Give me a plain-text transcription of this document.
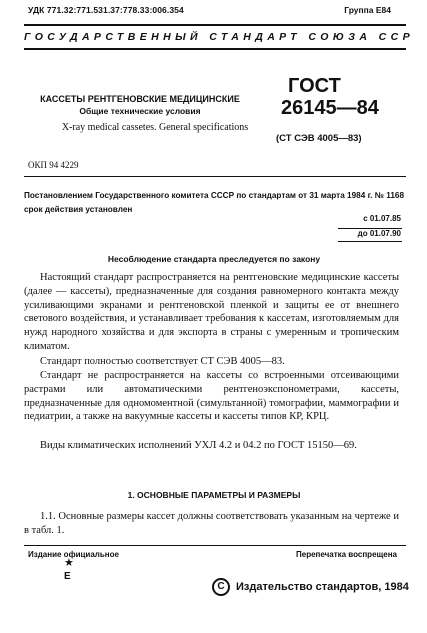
УДК 771.32:771.531.37:778.33:006.354	Группа Е84
ГОСУДАРСТВЕННЫЙ СТАНДАРТ СОЮЗА ССР
КАССЕТЫ РЕНТГЕНОВСКИЕ МЕДИЦИНСКИЕ
Общие технические условия
X-ray medical cassetes. General specifications
ГОСТ
26145—84
(СТ СЭВ 4005—83)
ОКП 94 4229
Постановлением Государственного комитета СССР по стандартам от 31 марта 1984 г. № 1168 срок действия установлен
с 01.07.85
до 01.07.90
Несоблюдение стандарта преследуется по закону
Настоящий стандарт распространяется на рентгеновские медицинские кассеты (далее — кассеты), предназначенные для создания равномерного контакта между усиливающими экранами и рентгеновской пленкой и защиты ее от внешнего светового воздействия, и устанавливает требования к кассетам, изготовляемым для нужд народного хозяйства и для экспорта в страны с умеренным и тропическим климатом.
Стандарт полностью соответствует СТ СЭВ 4005—83.
Стандарт не распространяется на кассеты со встроенными отсеивающими растрами или автоматическими рентгеноэкспонометрами, кассеты, предназначенные для одномоментной (симультанной) томографии, маммографии и педиатрии, а также на вакуумные кассеты и кассеты типов КР, КРЦ.
Виды климатических исполнений УХЛ 4.2 и 04.2 по ГОСТ 15150—69.
1. ОСНОВНЫЕ ПАРАМЕТРЫ И РАЗМЕРЫ
1.1. Основные размеры кассет должны соответствовать указанным на чертеже и в табл. 1.
Издание официальное	Перепечатка воспрещена
★
Е
С Издательство стандартов, 1984
